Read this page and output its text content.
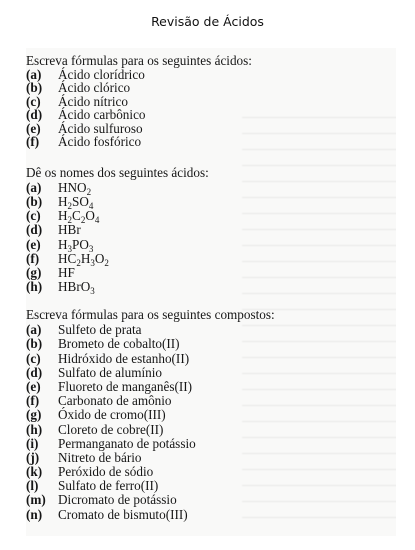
Revisão de Ácidos
Escreva fórmulas para os seguintes ácidos:
(a)	Ácido clorídrico
(b)	Ácido clórico
(c)	Ácido nítrico
(d)	Ácido carbônico
(e)	Ácido sulfuroso
(f)	Ácido fosfórico
Dê os nomes dos seguintes ácidos:
(a)	$HNO_2$
(b)	$H_2SO_4$
(c)	$H_2C_2O_4$
(d)	HBr
(e)	$H_3PO_3$
(f)	$HC_2H_3O_2$
(g)	HF
(h)	HBrO$_3$
Escreva fórmulas para os seguintes compostos:
(a)	Sulfeto de prata
(b)	Brometo de cobalto(II)
(c)	Hidróxido de estanho(II)
(d)	Sulfato de alumínio
(e)	Fluoreto de manganês(II)
(f)	Carbonato de amônio
(g)	Óxido de cromo(III)
(h)	Cloreto de cobre(II)
(i)	Permanganato de potássio
(j)	Nitreto de bário
(k)	Peróxido de sódio
(l)	Sulfato de ferro(II)
(m) Dicromato de potássio
(n)	Cromato de bismuto(III)
